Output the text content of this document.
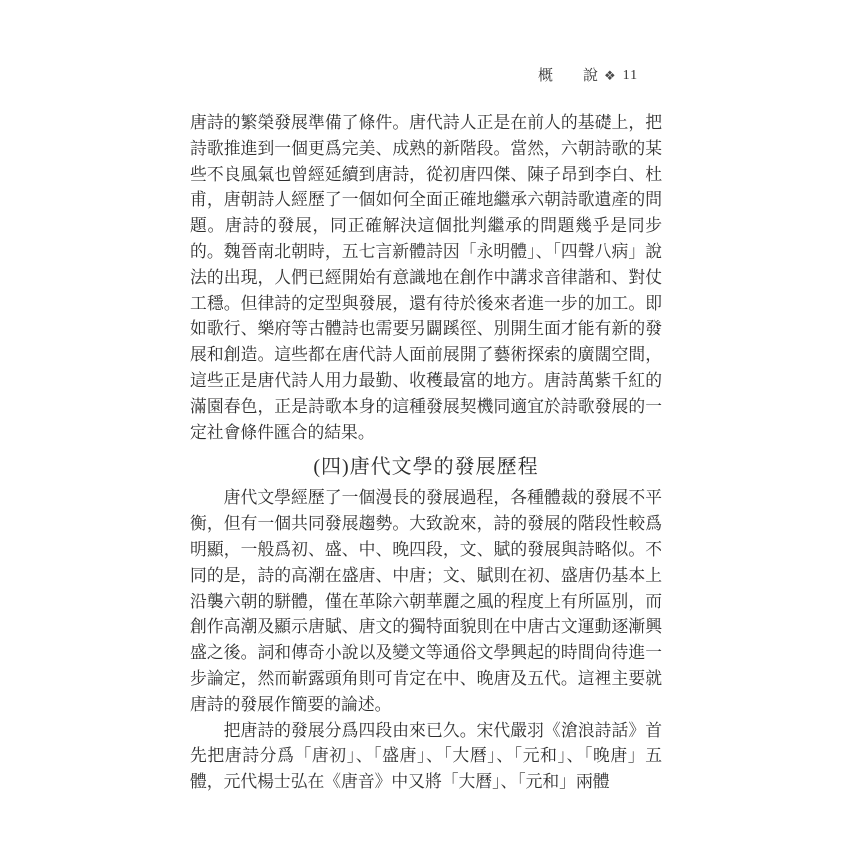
概　　說 ❖ 11

唐詩的繁榮發展準備了條件。唐代詩人正是在前人的基礎上，把詩歌推進到一個更爲完美、成熟的新階段。當然，六朝詩歌的某些不良風氣也曾經延續到唐詩，從初唐四傑、陳子昂到李白、杜甫，唐朝詩人經歷了一個如何全面正確地繼承六朝詩歌遺產的問題。唐詩的發展，同正確解決這個批判繼承的問題幾乎是同步的。魏晉南北朝時，五七言新體詩因「永明體」、「四聲八病」說法的出現，人們已經開始有意識地在創作中講求音律諧和、對仗工穩。但律詩的定型與發展，還有待於後來者進一步的加工。即如歌行、樂府等古體詩也需要另闢蹊徑、別開生面才能有新的發展和創造。這些都在唐代詩人面前展開了藝術探索的廣闊空間，這些正是唐代詩人用力最勤、收穫最富的地方。唐詩萬紫千紅的滿園春色，正是詩歌本身的這種發展契機同適宜於詩歌發展的一定社會條件匯合的結果。

(四)唐代文學的發展歷程

唐代文學經歷了一個漫長的發展過程，各種體裁的發展不平衡，但有一個共同發展趨勢。大致說來，詩的發展的階段性較爲明顯，一般爲初、盛、中、晚四段，文、賦的發展與詩略似。不同的是，詩的高潮在盛唐、中唐；文、賦則在初、盛唐仍基本上沿襲六朝的駢體，僅在革除六朝華麗之風的程度上有所區別，而創作高潮及顯示唐賦、唐文的獨特面貌則在中唐古文運動逐漸興盛之後。詞和傳奇小說以及變文等通俗文學興起的時間尙待進一步論定，然而嶄露頭角則可肯定在中、晚唐及五代。這裡主要就唐詩的發展作簡要的論述。

把唐詩的發展分爲四段由來已久。宋代嚴羽《滄浪詩話》首先把唐詩分爲「唐初」、「盛唐」、「大曆」、「元和」、「晚唐」五體，元代楊士弘在《唐音》中又將「大曆」、「元和」兩體
